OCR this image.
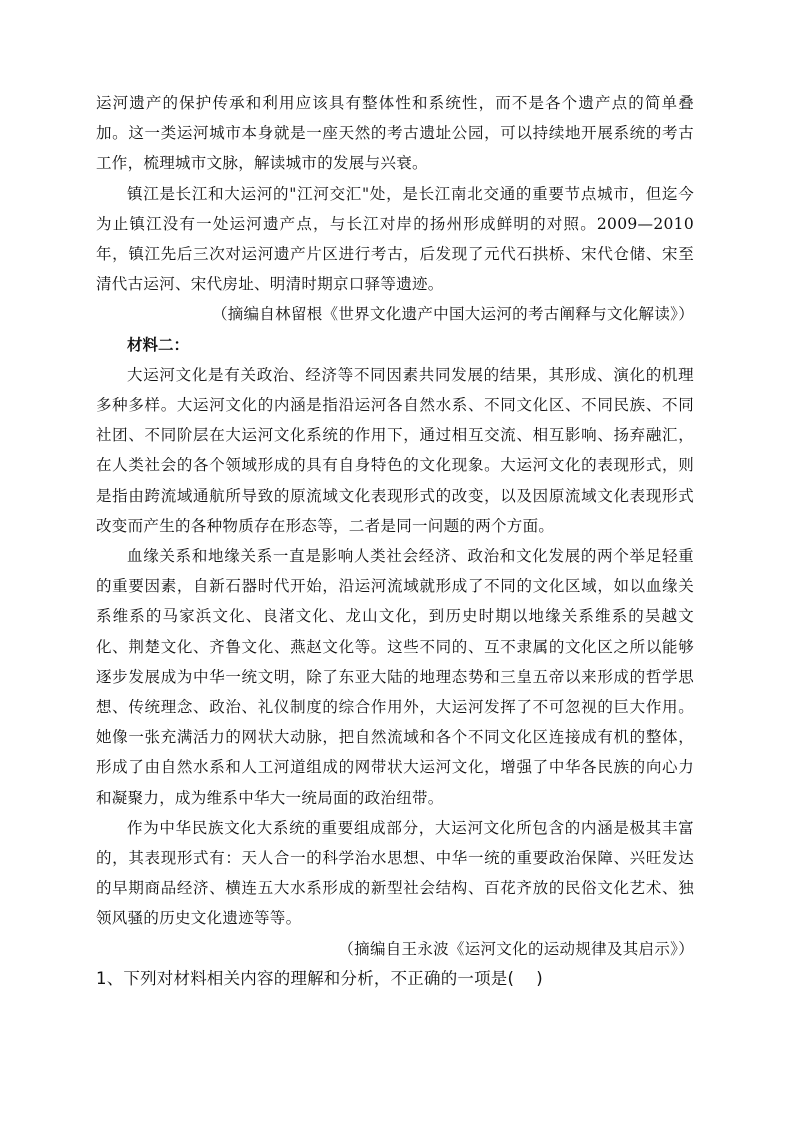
运河遗产的保护传承和利用应该具有整体性和系统性，而不是各个遗产点的简单叠加。这一类运河城市本身就是一座天然的考古遗址公园，可以持续地开展系统的考古工作，梳理城市文脉，解读城市的发展与兴衰。

镇江是长江和大运河的"江河交汇"处，是长江南北交通的重要节点城市，但迄今为止镇江没有一处运河遗产点，与长江对岸的扬州形成鲜明的对照。2009—2010年，镇江先后三次对运河遗产片区进行考古，后发现了元代石拱桥、宋代仓储、宋至清代古运河、宋代房址、明清时期京口驿等遗迹。

（摘编自林留根《世界文化遗产中国大运河的考古阐释与文化解读》）

材料二：

大运河文化是有关政治、经济等不同因素共同发展的结果，其形成、演化的机理多种多样。大运河文化的内涵是指沿运河各自然水系、不同文化区、不同民族、不同社团、不同阶层在大运河文化系统的作用下，通过相互交流、相互影响、扬弃融汇，在人类社会的各个领域形成的具有自身特色的文化现象。大运河文化的表现形式，则是指由跨流域通航所导致的原流域文化表现形式的改变，以及因原流域文化表现形式改变而产生的各种物质存在形态等，二者是同一问题的两个方面。

血缘关系和地缘关系一直是影响人类社会经济、政治和文化发展的两个举足轻重的重要因素，自新石器时代开始，沿运河流域就形成了不同的文化区域，如以血缘关系维系的马家浜文化、良渚文化、龙山文化，到历史时期以地缘关系维系的吴越文化、荆楚文化、齐鲁文化、燕赵文化等。这些不同的、互不隶属的文化区之所以能够逐步发展成为中华一统文明，除了东亚大陆的地理态势和三皇五帝以来形成的哲学思想、传统理念、政治、礼仪制度的综合作用外，大运河发挥了不可忽视的巨大作用。她像一张充满活力的网状大动脉，把自然流域和各个不同文化区连接成有机的整体，形成了由自然水系和人工河道组成的网带状大运河文化，增强了中华各民族的向心力和凝聚力，成为维系中华大一统局面的政治纽带。

作为中华民族文化大系统的重要组成部分，大运河文化所包含的内涵是极其丰富的，其表现形式有：天人合一的科学治水思想、中华一统的重要政治保障、兴旺发达的早期商品经济、横连五大水系形成的新型社会结构、百花齐放的民俗文化艺术、独领风骚的历史文化遗迹等等。

（摘编自王永波《运河文化的运动规律及其启示》）

1、下列对材料相关内容的理解和分析，不正确的一项是(　 )
